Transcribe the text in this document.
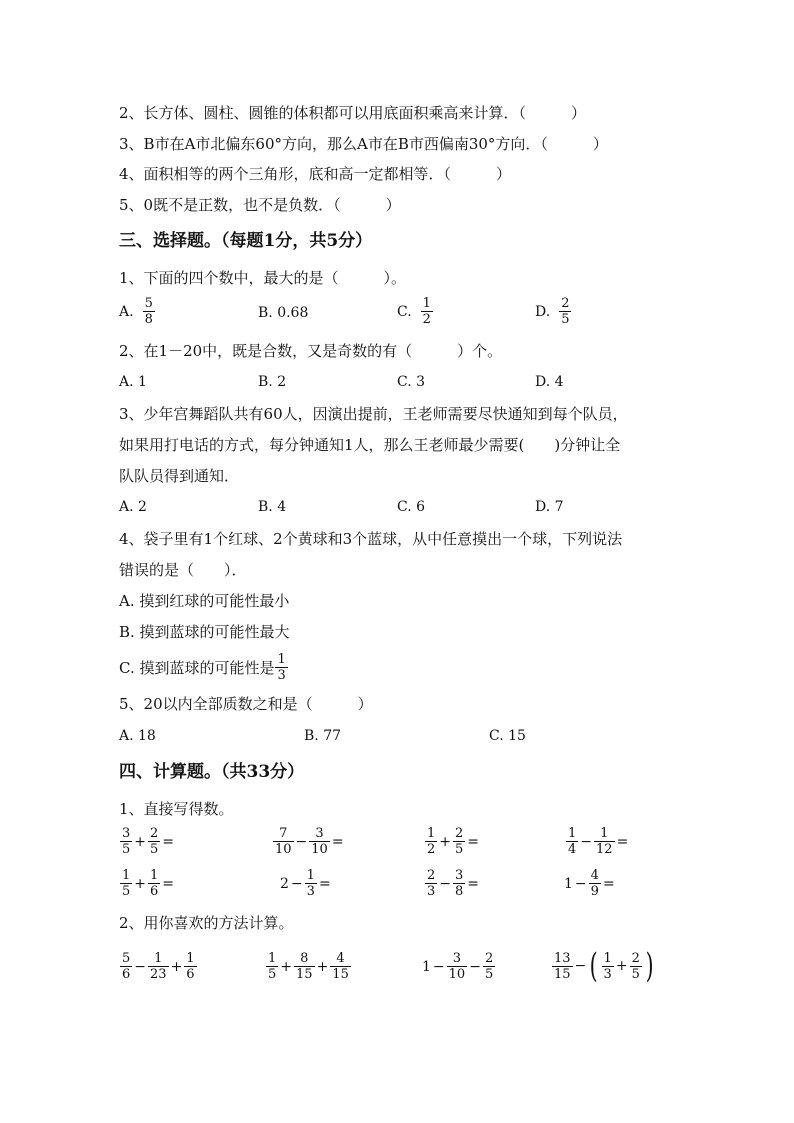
2、长方体、圆柱、圆锥的体积都可以用底面积乘高来计算．（　　　）
3、B市在A市北偏东60°方向，那么A市在B市西偏南30°方向．（　　　）
4、面积相等的两个三角形，底和高一定都相等．（　　　）
5、0既不是正数，也不是负数．（　　　）
三、选择题。（每题1分，共5分）
1、下面的四个数中，最大的是（　　　）。
A. $\frac{5}{8}$	B. 0.68	C. $\frac{1}{2}$	D. $\frac{2}{5}$
2、在1－20中，既是合数，又是奇数的有（　　　）个。
A. 1	B. 2	C. 3	D. 4
3、少年宫舞蹈队共有60人，因演出提前，王老师需要尽快通知到每个队员，
如果用打电话的方式，每分钟通知1人，那么王老师最少需要(　　)分钟让全
队队员得到通知．
A. 2	B. 4	C. 6	D. 7
4、袋子里有1个红球、2个黄球和3个蓝球，从中任意摸出一个球，下列说法
错误的是（　　）．
A. 摸到红球的可能性最小
B. 摸到蓝球的可能性最大
C. 摸到蓝球的可能性是 $\frac{1}{3}$
5、20以内全部质数之和是（　　　）
A. 18	B. 77	C. 15
四、计算题。（共33分）
1、直接写得数。
$\frac{3}{5} + \frac{2}{5}$ =	$\frac{7}{10} - \frac{3}{10}$ =	$\frac{1}{2} + \frac{2}{5}$ =	$\frac{1}{4} - \frac{1}{12}$ =
$\frac{1}{5} + \frac{1}{6}$ =	$2 - \frac{1}{3}$ =	$\frac{2}{3} - \frac{3}{8}$ =	$1 - \frac{4}{9}$ =
2、用你喜欢的方法计算。
$\frac{5}{6} - \frac{1}{23} + \frac{1}{6}$	$\frac{1}{5} + \frac{8}{15} + \frac{4}{15}$	$1 - \frac{3}{10} - \frac{2}{5}$	$\frac{13}{15}$ − ( $\frac{1}{3} + \frac{2}{5}$ )
